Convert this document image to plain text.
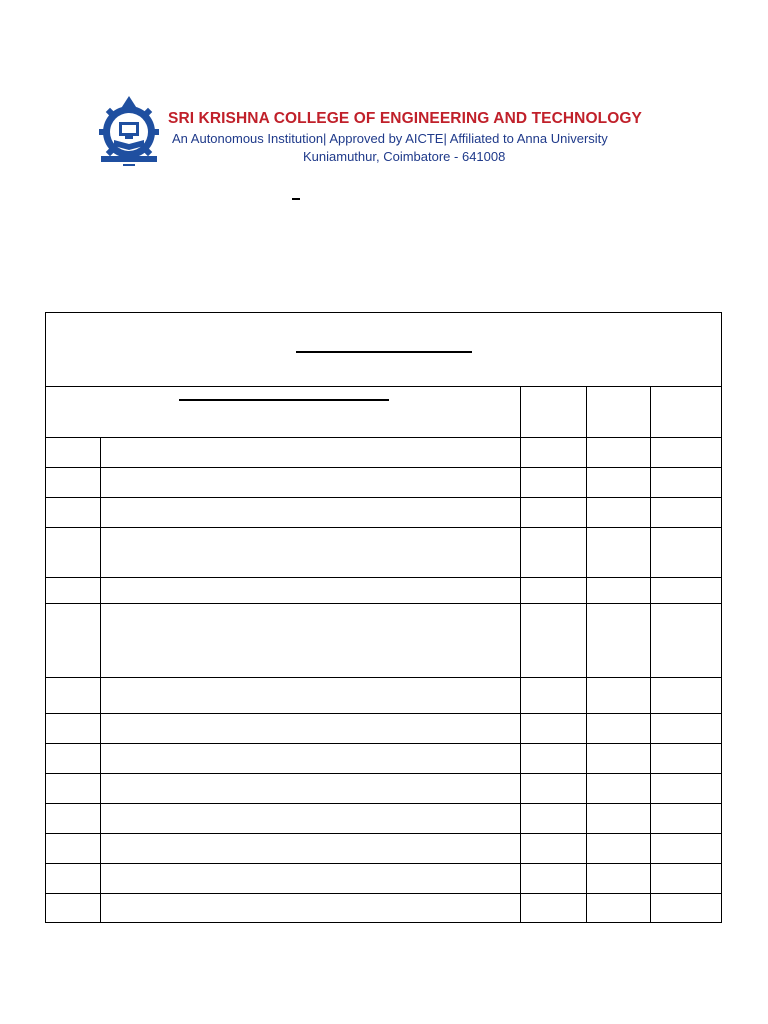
SRI KRISHNA COLLEGE OF ENGINEERING AND TECHNOLOGY
An Autonomous Institution| Approved by AICTE| Affiliated to Anna University
Kuniamuthur, Coimbatore - 641008
